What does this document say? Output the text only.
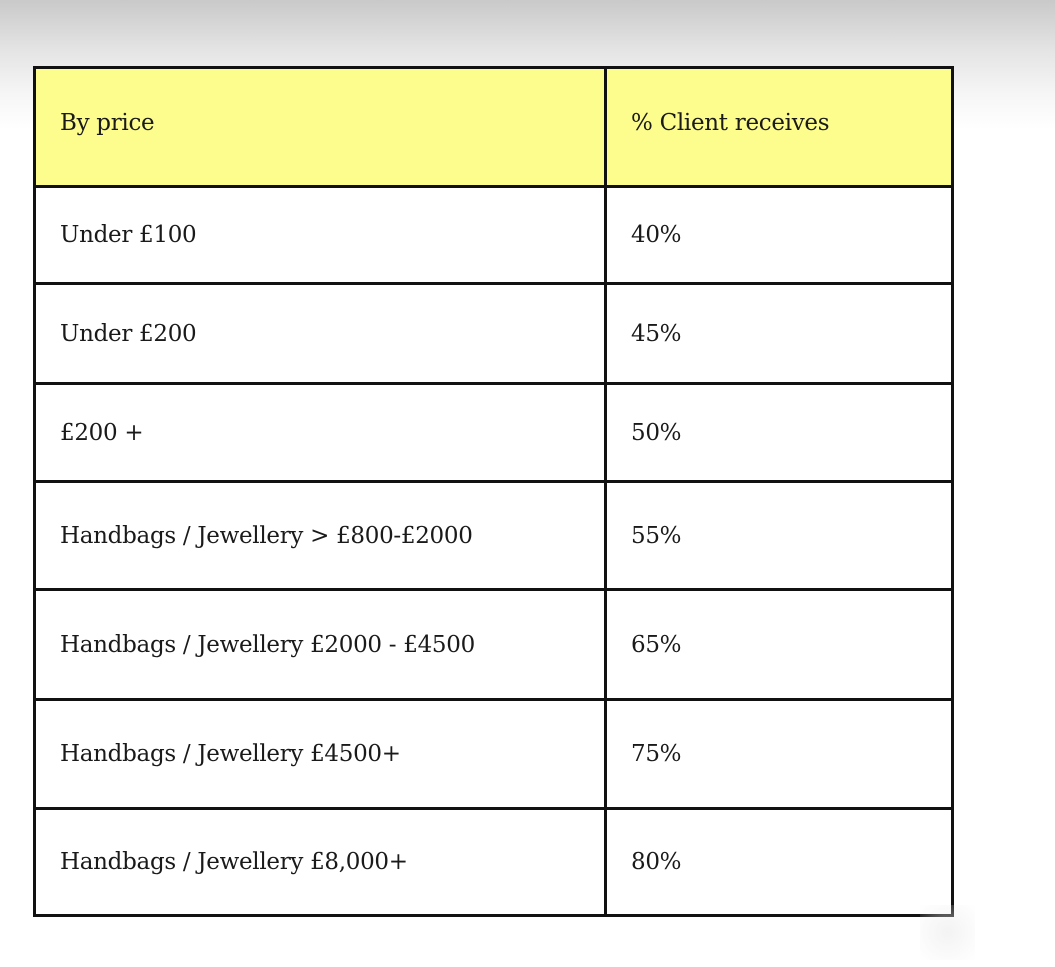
By price	% Client receives
Under £100	40%
Under £200	45%
£200 +	50%
Handbags / Jewellery > £800-£2000	55%
Handbags / Jewellery £2000 - £4500	65%
Handbags / Jewellery £4500+	75%
Handbags / Jewellery £8,000+	80%
